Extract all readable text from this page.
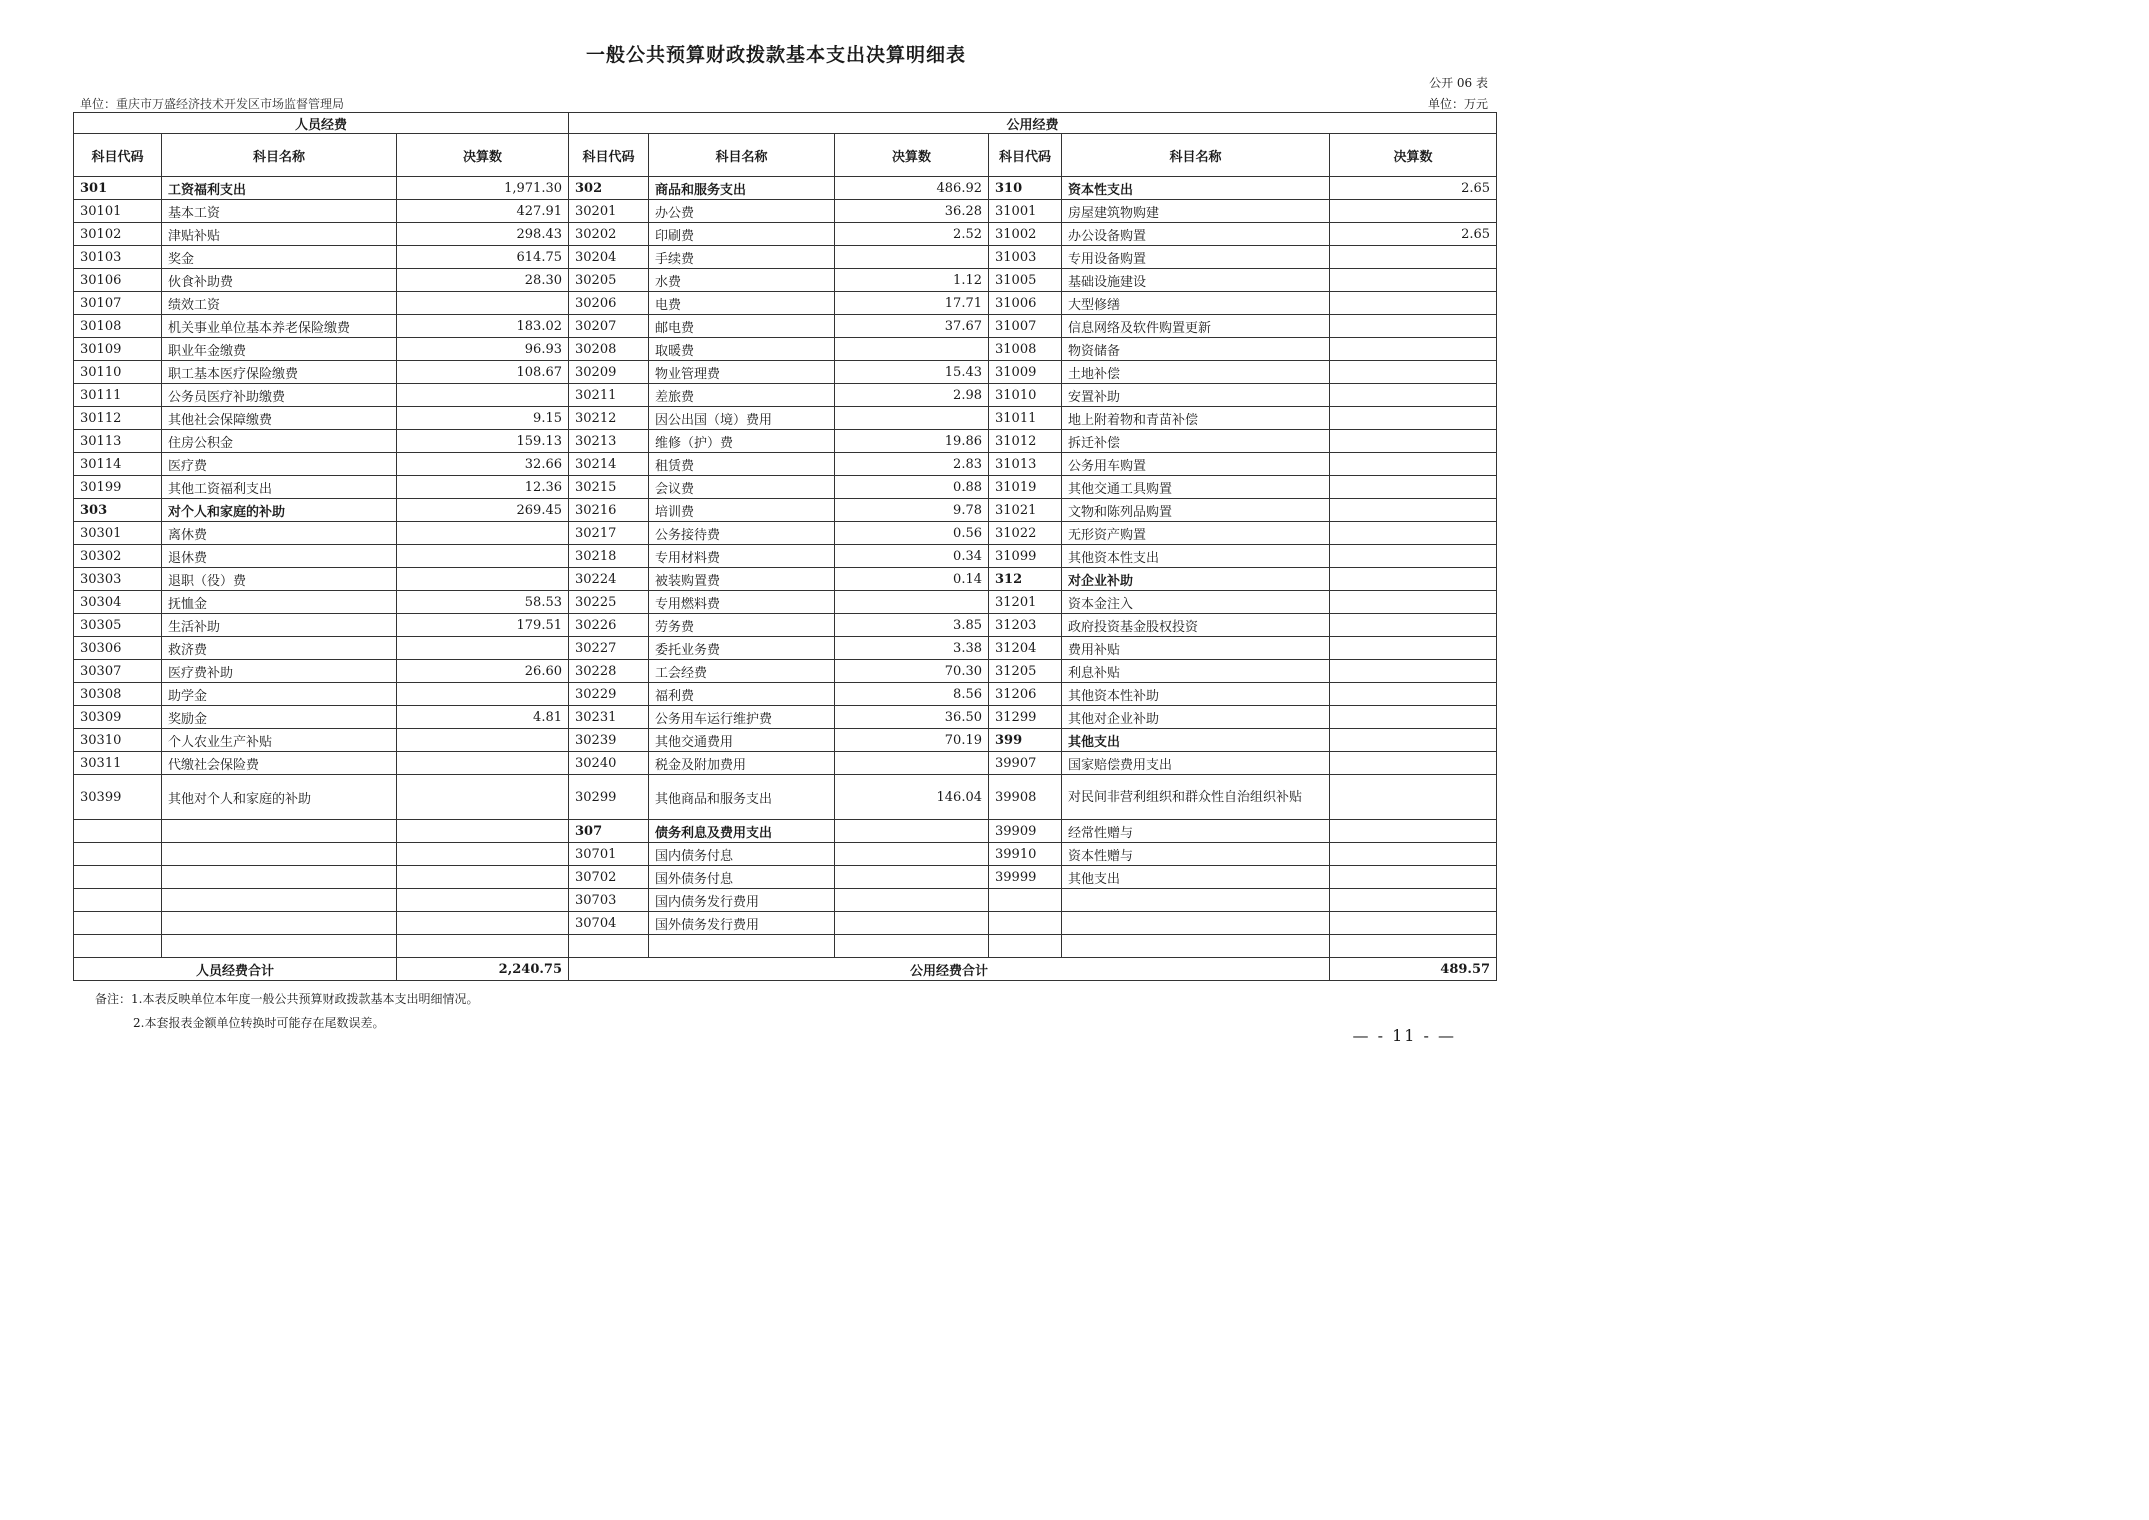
一般公共预算财政拨款基本支出决算明细表
公开 06 表
单位：重庆市万盛经济技术开发区市场监督管理局	单位：万元
人员经费			公用经费					
科目代码	科目名称	决算数	科目代码	科目名称	决算数	科目代码	科目名称	决算数
301	工资福利支出	1,971.30	302	商品和服务支出	486.92	310	资本性支出	2.65
30101	基本工资	427.91	30201	办公费	36.28	31001	房屋建筑物购建	
30102	津贴补贴	298.43	30202	印刷费	2.52	31002	办公设备购置	2.65
30103	奖金	614.75	30204	手续费		31003	专用设备购置	
30106	伙食补助费	28.30	30205	水费	1.12	31005	基础设施建设	
30107	绩效工资		30206	电费	17.71	31006	大型修缮	
30108	机关事业单位基本养老保险缴费	183.02	30207	邮电费	37.67	31007	信息网络及软件购置更新	
30109	职业年金缴费	96.93	30208	取暖费		31008	物资储备	
30110	职工基本医疗保险缴费	108.67	30209	物业管理费	15.43	31009	土地补偿	
30111	公务员医疗补助缴费		30211	差旅费	2.98	31010	安置补助	
30112	其他社会保障缴费	9.15	30212	因公出国（境）费用		31011	地上附着物和青苗补偿	
30113	住房公积金	159.13	30213	维修（护）费	19.86	31012	拆迁补偿	
30114	医疗费	32.66	30214	租赁费	2.83	31013	公务用车购置	
30199	其他工资福利支出	12.36	30215	会议费	0.88	31019	其他交通工具购置	
303	对个人和家庭的补助	269.45	30216	培训费	9.78	31021	文物和陈列品购置	
30301	离休费		30217	公务接待费	0.56	31022	无形资产购置	
30302	退休费		30218	专用材料费	0.34	31099	其他资本性支出	
30303	退职（役）费		30224	被装购置费	0.14	312	对企业补助	
30304	抚恤金	58.53	30225	专用燃料费		31201	资本金注入	
30305	生活补助	179.51	30226	劳务费	3.85	31203	政府投资基金股权投资	
30306	救济费		30227	委托业务费	3.38	31204	费用补贴	
30307	医疗费补助	26.60	30228	工会经费	70.30	31205	利息补贴	
30308	助学金		30229	福利费	8.56	31206	其他资本性补助	
30309	奖励金	4.81	30231	公务用车运行维护费	36.50	31299	其他对企业补助	
30310	个人农业生产补贴		30239	其他交通费用	70.19	399	其他支出	
30311	代缴社会保险费		30240	税金及附加费用		39907	国家赔偿费用支出	
30399	其他对个人和家庭的补助		30299	其他商品和服务支出	146.04	39908	对民间非营利组织和群众性自治组织补贴	
			307	债务利息及费用支出		39909	经常性赠与	
			30701	国内债务付息		39910	资本性赠与	
			30702	国外债务付息		39999	其他支出	
			30703	国内债务发行费用				
			30704	国外债务发行费用				

人员经费合计		2,240.75	公用经费合计					489.57
备注：1.本表反映单位本年度一般公共预算财政拨款基本支出明细情况。
2.本套报表金额单位转换时可能存在尾数误差。
— - 11 - —
